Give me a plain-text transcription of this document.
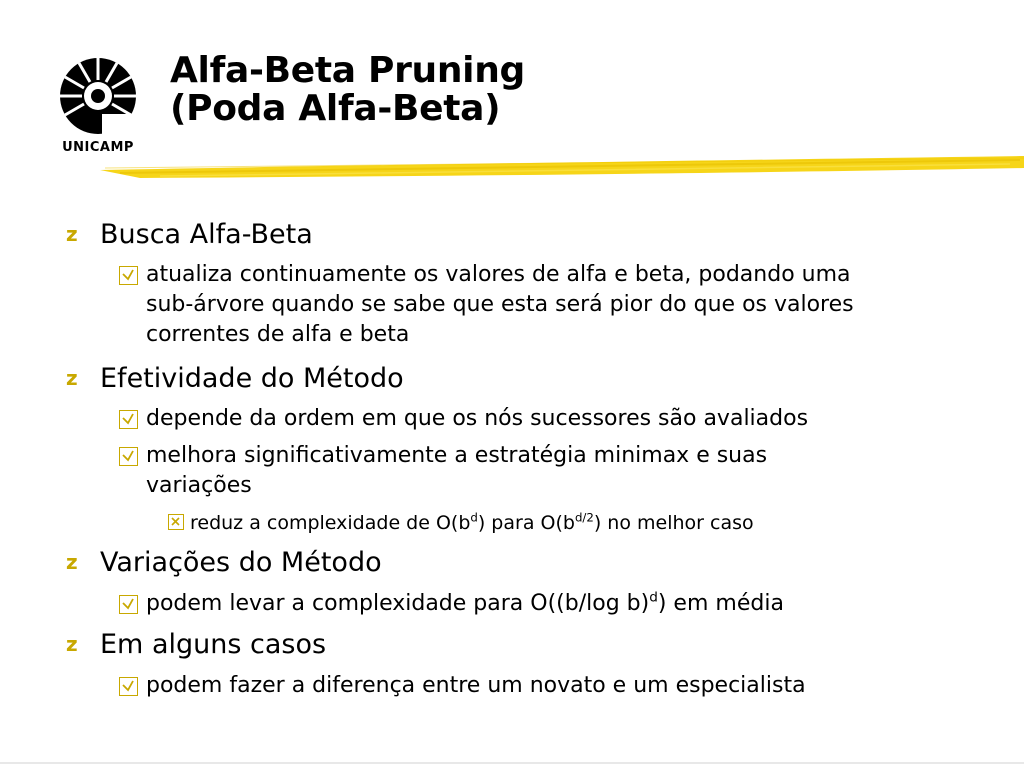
UNICAMP
Alfa-Beta Pruning
(Poda Alfa-Beta)
z Busca Alfa-Beta
atualiza continuamente os valores de alfa e beta, podando uma
sub-árvore quando se sabe que esta será pior do que os valores
correntes de alfa e beta
z Efetividade do Método
depende da ordem em que os nós sucessores são avaliados
melhora significativamente a estratégia minimax e suas
variações
reduz a complexidade de $O(b^d)$ para $O(b^{d/2})$ no melhor caso
z Variações do Método
podem levar a complexidade para O((b/log b)$^d$) em média
z Em alguns casos
podem fazer a diferença entre um novato e um especialista
